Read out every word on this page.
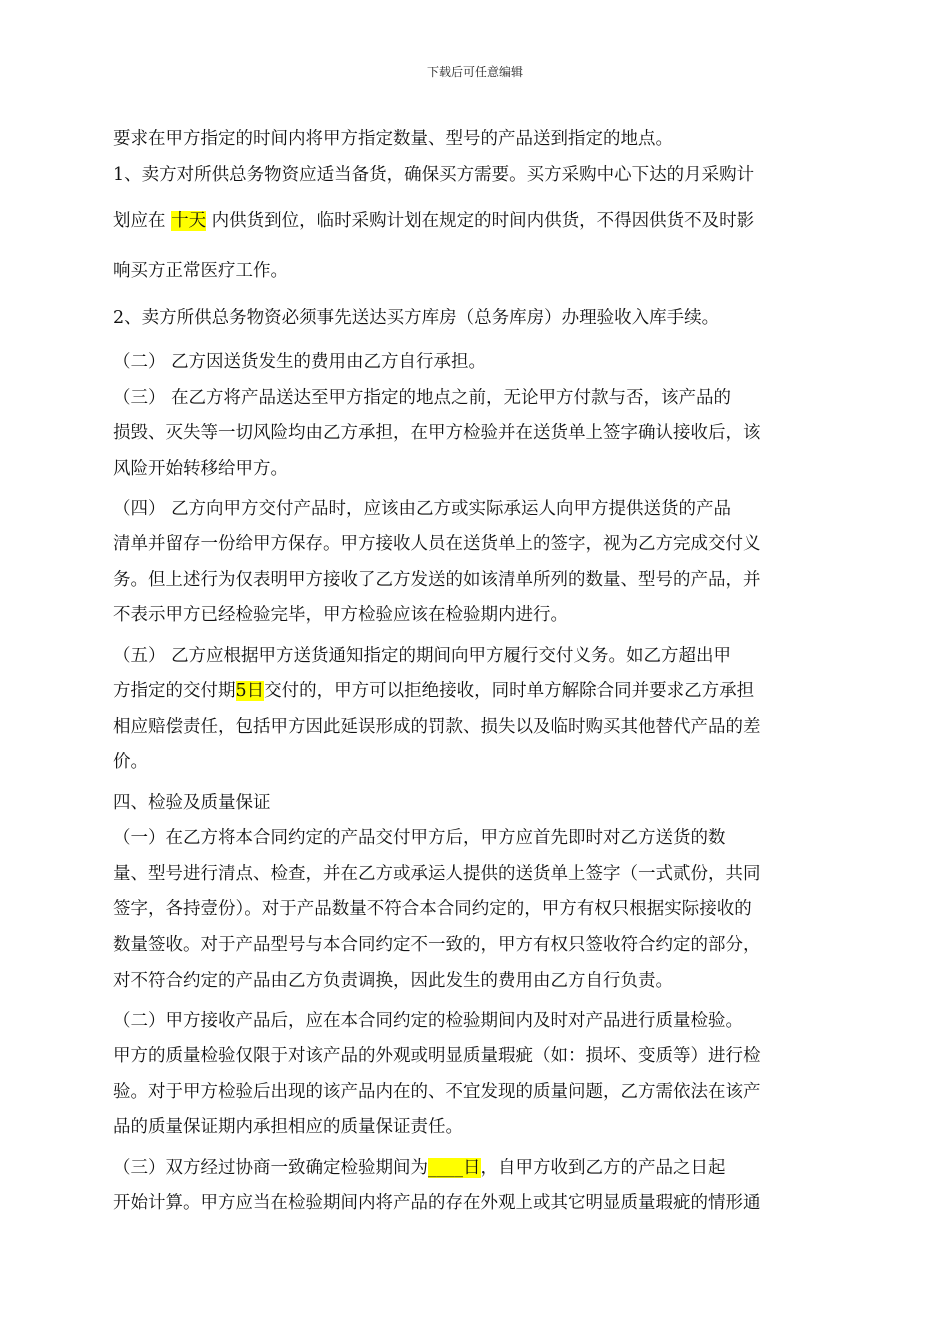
下载后可任意编辑
要求在甲方指定的时间内将甲方指定数量、型号的产品送到指定的地点。
1、卖方对所供总务物资应适当备货，确保买方需要。买方采购中心下达的月采购计
划应在 十天 内供货到位，临时采购计划在规定的时间内供货，不得因供货不及时影
响买方正常医疗工作。
2、卖方所供总务物资必须事先送达买方库房（总务库房）办理验收入库手续。
（二） 乙方因送货发生的费用由乙方自行承担。
（三） 在乙方将产品送达至甲方指定的地点之前，无论甲方付款与否，该产品的
损毁、灭失等一切风险均由乙方承担，在甲方检验并在送货单上签字确认接收后，该
风险开始转移给甲方。
（四） 乙方向甲方交付产品时，应该由乙方或实际承运人向甲方提供送货的产品
清单并留存一份给甲方保存。甲方接收人员在送货单上的签字，视为乙方完成交付义
务。但上述行为仅表明甲方接收了乙方发送的如该清单所列的数量、型号的产品，并
不表示甲方已经检验完毕，甲方检验应该在检验期内进行。
（五） 乙方应根据甲方送货通知指定的期间向甲方履行交付义务。如乙方超出甲
方指定的交付期5日交付的，甲方可以拒绝接收，同时单方解除合同并要求乙方承担
相应赔偿责任，包括甲方因此延误形成的罚款、损失以及临时购买其他替代产品的差
价。
四、检验及质量保证
（一）在乙方将本合同约定的产品交付甲方后，甲方应首先即时对乙方送货的数
量、型号进行清点、检查，并在乙方或承运人提供的送货单上签字（一式贰份，共同
签字，各持壹份）。对于产品数量不符合本合同约定的，甲方有权只根据实际接收的
数量签收。对于产品型号与本合同约定不一致的，甲方有权只签收符合约定的部分，
对不符合约定的产品由乙方负责调换，因此发生的费用由乙方自行负责。
（二）甲方接收产品后，应在本合同约定的检验期间内及时对产品进行质量检验。
甲方的质量检验仅限于对该产品的外观或明显质量瑕疵（如：损坏、变质等）进行检
验。对于甲方检验后出现的该产品内在的、不宜发现的质量问题，乙方需依法在该产
品的质量保证期内承担相应的质量保证责任。
（三）双方经过协商一致确定检验期间为____日，自甲方收到乙方的产品之日起
开始计算。甲方应当在检验期间内将产品的存在外观上或其它明显质量瑕疵的情形通
